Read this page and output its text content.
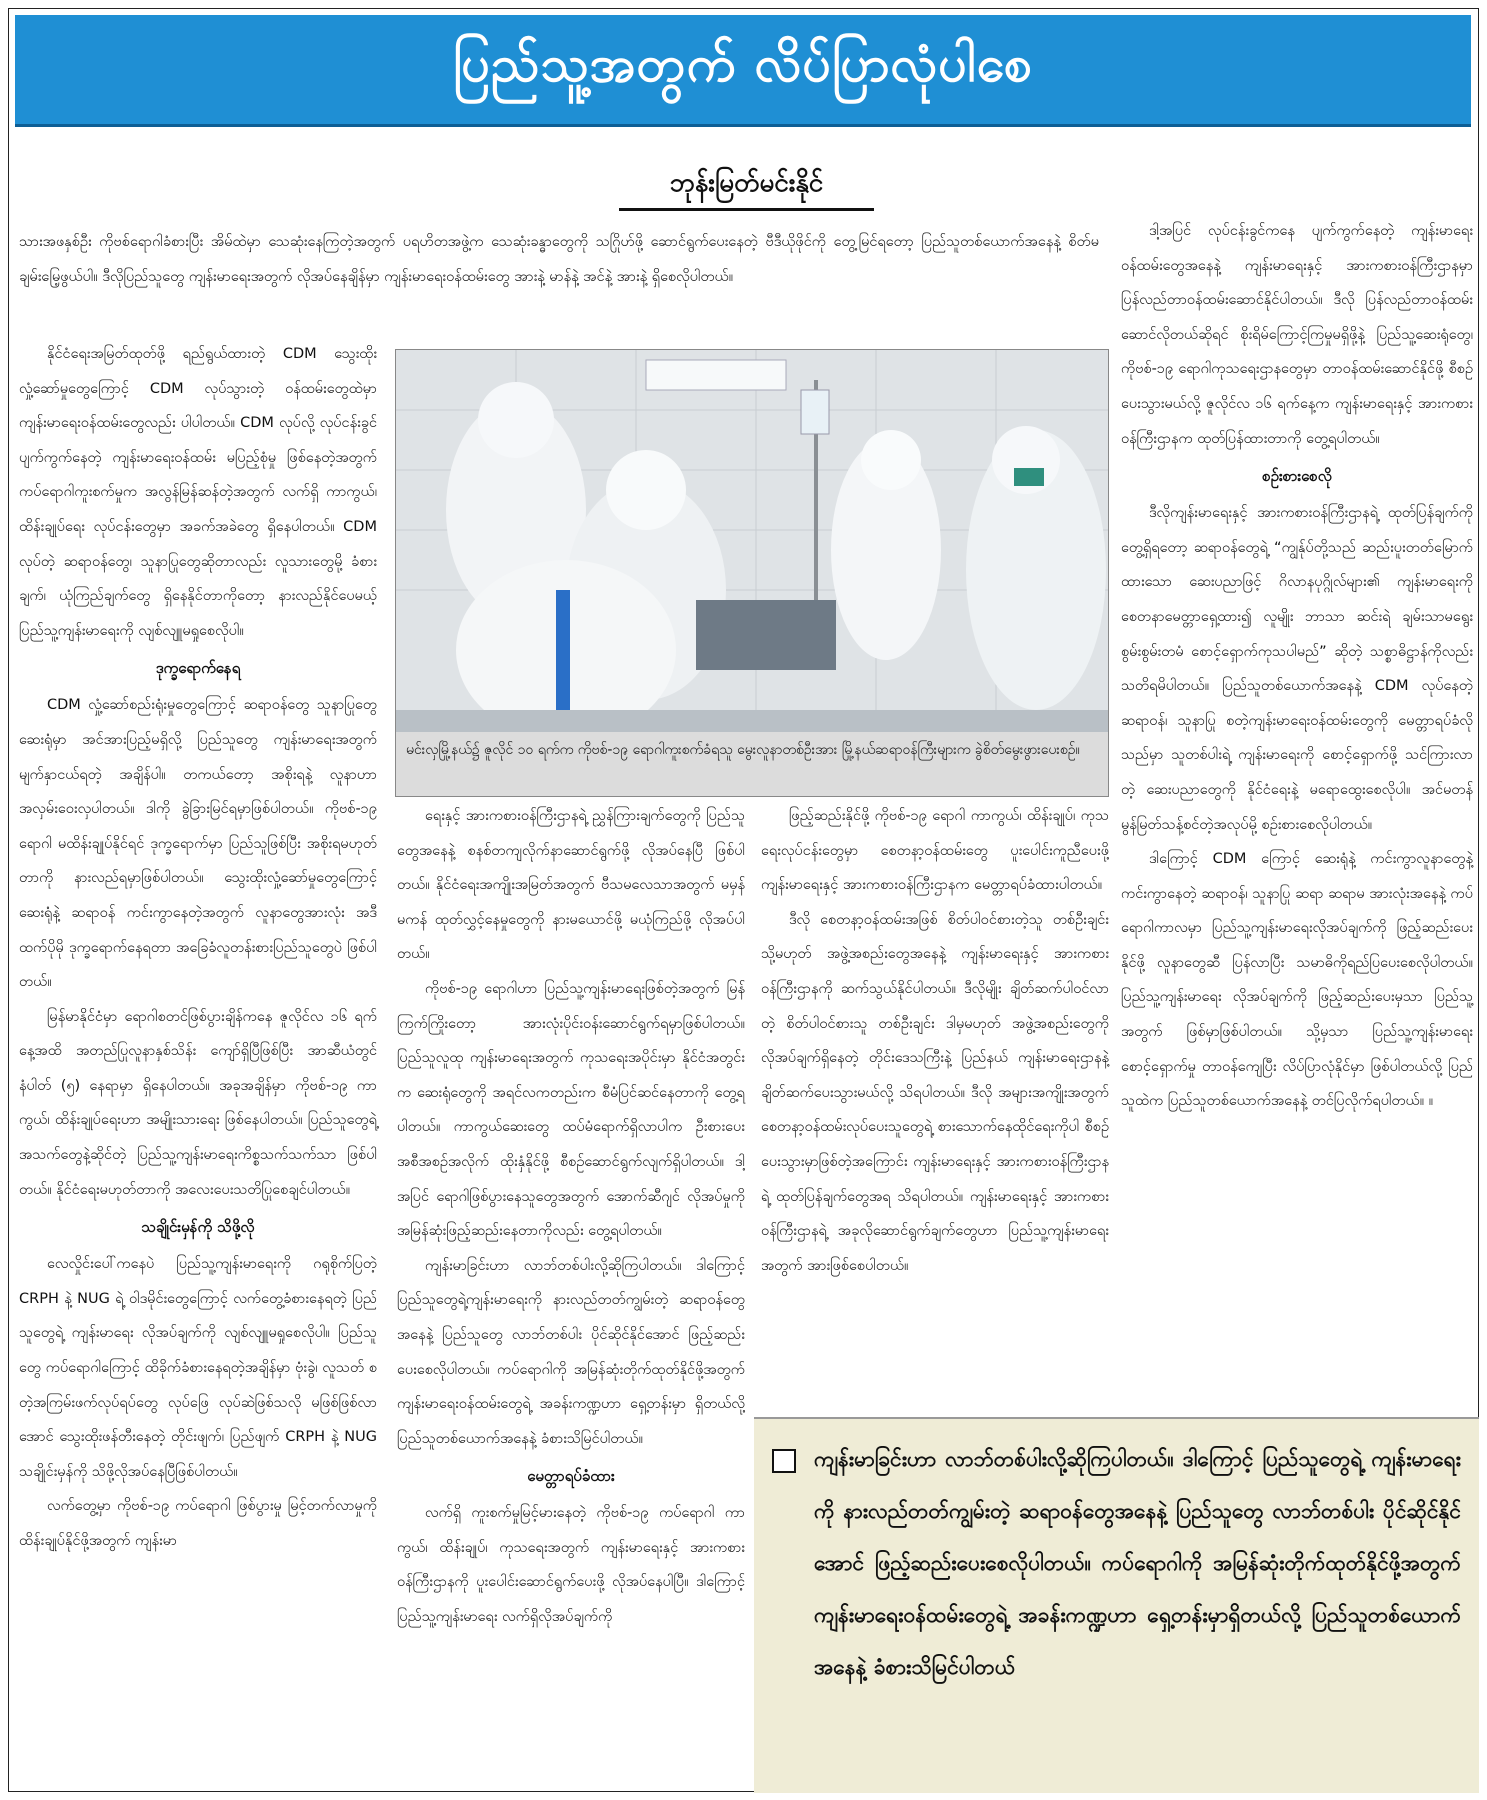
ပြည်သူ့အတွက် လိပ်ပြာလုံပါစေ
ဘုန်းမြတ်မင်းနိုင်
သားအဖနှစ်ဦး ကိုဗစ်ရောဂါခံစားပြီး အိမ်ထဲမှာ သေဆုံးနေကြတဲ့အတွက် ပရဟိတအဖွဲ့က သေဆုံးခန္ဓာတွေကို သဂြိုဟ်ဖို့ ဆောင်ရွက်ပေးနေတဲ့ ဗီဒီယိုဖိုင်ကို တွေ့မြင်ရတော့ ပြည်သူတစ်ယောက်အနေနဲ့ စိတ်မချမ်းမြေ့ဖွယ်ပါ။ ဒီလိုပြည်သူတွေ ကျန်းမာရေးအတွက် လိုအပ်နေချိန်မှာ ကျန်းမာရေးဝန်ထမ်းတွေ အားနဲ့ မာန်နဲ့ အင်နဲ့ အားနဲ့ ရှိစေလိုပါတယ်။

နိုင်ငံရေးအမြတ်ထုတ်ဖို့ ရည်ရွယ်ထားတဲ့ CDM သွေးထိုးလှုံ့ဆော်မှုတွေကြောင့် CDM လုပ်သွားတဲ့ ဝန်ထမ်းတွေထဲမှာ ကျန်းမာရေးဝန်ထမ်းတွေလည်း ပါပါတယ်။ CDM လုပ်လို့ လုပ်ငန်းခွင် ပျက်ကွက်နေတဲ့ ကျန်းမာရေးဝန်ထမ်း မပြည့်စုံမှု ဖြစ်နေတဲ့အတွက် ကပ်ရောဂါကူးစက်မှုက အလွန်မြန်ဆန်တဲ့အတွက် လက်ရှိ ကာကွယ်၊ ထိန်းချုပ်ရေး လုပ်ငန်းတွေမှာ အခက်အခဲတွေ ရှိနေပါတယ်။ CDM လုပ်တဲ့ ဆရာဝန်တွေ၊ သူနာပြုတွေဆိုတာလည်း လူသားတွေမို့ ခံစားချက်၊ ယုံကြည်ချက်တွေ ရှိနေနိုင်တာကိုတော့ နားလည်နိုင်ပေမယ့် ပြည်သူ့ကျန်းမာရေးကို လျစ်လျူမရှုစေလိုပါ။

ဒုက္ခရောက်နေရ

CDM လှုံ့ဆော်စည်းရုံးမှုတွေကြောင့် ဆရာဝန်တွေ သူနာပြုတွေ ဆေးရုံမှာ အင်အားပြည့်မရှိလို့ ပြည်သူတွေ ကျန်းမာရေးအတွက် မျက်နှာငယ်ရတဲ့ အချိန်ပါ။ တကယ်တော့ အစိုးရနဲ့ လူနာဟာ အလှမ်းဝေးလှပါတယ်။ ဒါကို ခွဲခြားမြင်ရမှာဖြစ်ပါတယ်။ ကိုဗစ်-၁၉ ရောဂါ မထိန်းချုပ်နိုင်ရင် ဒုက္ခရောက်မှာ ပြည်သူဖြစ်ပြီး အစိုးရမဟုတ်တာကို နားလည်ရမှာဖြစ်ပါတယ်။ သွေးထိုးလှုံ့ဆော်မှုတွေကြောင့် ဆေးရုံနဲ့ ဆရာဝန် ကင်းကွာနေတဲ့အတွက် လူနာတွေအားလုံး အဒီထက်ပိုမို ဒုက္ခရောက်နေရတာ အခြေခံလူတန်းစားပြည်သူတွေပဲ ဖြစ်ပါတယ်။

မြန်မာနိုင်ငံမှာ ရောဂါစတင်ဖြစ်ပွားချိန်ကနေ ဇူလိုင်လ ၁၆ ရက်နေ့အထိ အတည်ပြုလူနာနှစ်သိန်း ကျော်ရှိပြီဖြစ်ပြီး အာဆီယံတွင် နံပါတ် (၅) နေရာမှာ ရှိနေပါတယ်။ အခုအချိန်မှာ ကိုဗစ်-၁၉ ကာကွယ်၊ ထိန်းချုပ်ရေးဟာ အမျိုးသားရေး ဖြစ်နေပါတယ်။ ပြည်သူတွေရဲ့ အသက်တွေနဲ့ဆိုင်တဲ့ ပြည်သူ့ကျန်းမာရေးကိစ္စသက်သက်သာ ဖြစ်ပါတယ်။ နိုင်ငံရေးမဟုတ်တာကို အလေးပေးသတိပြုစေချင်ပါတယ်။

သချိုင်းမှန်ကို သိဖို့လို

လေလှိုင်းပေါ်ကနေပဲ ပြည်သူ့ကျန်းမာရေးကို ဂရုစိုက်ပြတဲ့ CRPH နဲ့ NUG ရဲ့ ဝါဒမိုင်းတွေကြောင့် လက်တွေ့ခံစားနေရတဲ့ ပြည်သူတွေရဲ့ ကျန်းမာရေး လိုအပ်ချက်ကို လျစ်လျူမရှုစေလိုပါ။ ပြည်သူတွေ ကပ်ရောဂါကြောင့် ထိခိုက်ခံစားနေရတဲ့အချိန်မှာ ဗုံးခွဲ၊ လူသတ် စတဲ့အကြမ်းဖက်လုပ်ရပ်တွေ လုပ်ဖြေ လုပ်ဆဲဖြစ်သလို မဖြစ်ဖြစ်လာအောင် သွေးထိုးဖန်တီးနေတဲ့ တိုင်းဖျက်၊ ပြည်ဖျက် CRPH နဲ့ NUG သချိုင်းမှန်ကို သိဖို့လိုအပ်နေပြီဖြစ်ပါတယ်။

လက်တွေ့မှာ ကိုဗစ်-၁၉ ကပ်ရောဂါ ဖြစ်ပွားမှု မြင့်တက်လာမှုကို ထိန်းချုပ်နိုင်ဖို့အတွက် ကျန်းမာ

မင်းလှမြို့နယ်၌ ဇူလိုင် ၁၀ ရက်က ကိုဗစ်-၁၉ ရောဂါကူးစက်ခံရသူ မွေးလူနာတစ်ဦးအား မြို့နယ်ဆရာဝန်ကြီးများက ခွဲစိတ်မွေးဖွားပေးစဉ်။

ရေးနှင့် အားကစားဝန်ကြီးဌာနရဲ့ ညွှန်ကြားချက်တွေကို ပြည်သူတွေအနေနဲ့ စနစ်တကျလိုက်နာဆောင်ရွက်ဖို့ လိုအပ်နေပြီ ဖြစ်ပါတယ်။ နိုင်ငံရေးအကျိုးအမြတ်အတွက် ဗီသမလေသာအတွက် မမှန်မကန် ထုတ်လွှင့်နေမှုတွေကို နားမယောင်ဖို့ မယုံကြည်ဖို့ လိုအပ်ပါတယ်။

ကိုဗစ်-၁၉ ရောဂါဟာ ပြည်သူ့ကျန်းမာရေးဖြစ်တဲ့အတွက် မြန်ကြက်ကြိုးတော့ အားလုံးပိုင်းဝန်းဆောင်ရွက်ရမှာဖြစ်ပါတယ်။ ပြည်သူလူထု ကျန်းမာရေးအတွက် ကုသရေးအပိုင်းမှာ နိုင်ငံအတွင်းက ဆေးရုံတွေကို အရင်လကတည်းက စီမံပြင်ဆင်နေတာကို တွေ့ရပါတယ်။ ကာကွယ်ဆေးတွေ ထပ်မံရောက်ရှိလာပါက ဦးစားပေးအစီအစဉ်အလိုက် ထိုးနှံနိုင်ဖို့ စီစဉ်ဆောင်ရွက်လျက်ရှိပါတယ်။ ဒါ့အပြင် ရောဂါဖြစ်ပွားနေသူတွေအတွက် အောက်ဆီဂျင် လိုအပ်မှုကို အမြန်ဆုံးဖြည့်ဆည်းနေတာကိုလည်း တွေ့ရပါတယ်။

ကျန်းမာခြင်းဟာ လာဘ်တစ်ပါးလို့ဆိုကြပါတယ်။ ဒါကြောင့် ပြည်သူတွေရဲ့ကျန်းမာရေးကို နားလည်တတ်ကျွမ်းတဲ့ ဆရာဝန်တွေအနေနဲ့ ပြည်သူတွေ လာဘ်တစ်ပါး ပိုင်ဆိုင်နိုင်အောင် ဖြည့်ဆည်းပေးစေလိုပါတယ်။ ကပ်ရောဂါကို အမြန်ဆုံးတိုက်ထုတ်နိုင်ဖို့အတွက် ကျန်းမာရေးဝန်ထမ်းတွေရဲ့ အခန်းကဏ္ဍဟာ ရှေ့တန်းမှာ ရှိတယ်လို့ ပြည်သူတစ်ယောက်အနေနဲ့ ခံစားသိမြင်ပါတယ်။

မေတ္တာရပ်ခံထား

လက်ရှိ ကူးစက်မှုမြင့်မားနေတဲ့ ကိုဗစ်-၁၉ ကပ်ရောဂါ ကာကွယ်၊ ထိန်းချုပ်၊ ကုသရေးအတွက် ကျန်းမာရေးနှင့် အားကစားဝန်ကြီးဌာနကို ပူးပေါင်းဆောင်ရွက်ပေးဖို့ လိုအပ်နေပါပြီ။ ဒါကြောင့် ပြည်သူ့ကျန်းမာရေး လက်ရှိလိုအပ်ချက်ကို

ဖြည့်ဆည်းနိုင်ဖို့ ကိုဗစ်-၁၉ ရောဂါ ကာကွယ်၊ ထိန်းချုပ်၊ ကုသရေးလုပ်ငန်းတွေမှာ စေတနာ့ဝန်ထမ်းတွေ ပူးပေါင်းကူညီပေးဖို့ ကျန်းမာရေးနှင့် အားကစားဝန်ကြီးဌာနက မေတ္တာရပ်ခံထားပါတယ်။

ဒီလို စေတနာ့ဝန်ထမ်းအဖြစ် စိတ်ပါဝင်စားတဲ့သူ တစ်ဦးချင်း သို့မဟုတ် အဖွဲ့အစည်းတွေအနေနဲ့ ကျန်းမာရေးနှင့် အားကစားဝန်ကြီးဌာနကို ဆက်သွယ်နိုင်ပါတယ်။ ဒီလိုမျိုး ချိတ်ဆက်ပါဝင်လာတဲ့ စိတ်ပါဝင်စားသူ တစ်ဦးချင်း ဒါမှမဟုတ် အဖွဲ့အစည်းတွေကို လိုအပ်ချက်ရှိနေတဲ့ တိုင်းဒေသကြီးနဲ့ ပြည်နယ် ကျန်းမာရေးဌာနနဲ့ ချိတ်ဆက်ပေးသွားမယ်လို့ သိရပါတယ်။ ဒီလို အများအကျိုးအတွက် စေတနာ့ဝန်ထမ်းလုပ်ပေးသူတွေရဲ့ စားသောက်နေထိုင်ရေးကိုပါ စီစဉ်ပေးသွားမှာဖြစ်တဲ့အကြောင်း ကျန်းမာရေးနှင့် အားကစားဝန်ကြီးဌာနရဲ့ ထုတ်ပြန်ချက်တွေအရ သိရပါတယ်။ ကျန်းမာရေးနှင့် အားကစားဝန်ကြီးဌာနရဲ့ အခုလိုဆောင်ရွက်ချက်တွေဟာ ပြည်သူ့ကျန်းမာရေးအတွက် အားဖြစ်စေပါတယ်။

ဒါ့အပြင် လုပ်ငန်းခွင်ကနေ ပျက်ကွက်နေတဲ့ ကျန်းမာရေးဝန်ထမ်းတွေအနေနဲ့ ကျန်းမာရေးနှင့် အားကစားဝန်ကြီးဌာနမှာ ပြန်လည်တာဝန်ထမ်းဆောင်နိုင်ပါတယ်။ ဒီလို ပြန်လည်တာဝန်ထမ်းဆောင်လိုတယ်ဆိုရင် စိုးရိမ်ကြောင့်ကြမှုမရှိဖို့နဲ့ ပြည်သူ့ဆေးရုံတွေ၊ ကိုဗစ်-၁၉ ရောဂါကုသရေးဌာနတွေမှာ တာဝန်ထမ်းဆောင်နိုင်ဖို့ စီစဉ်ပေးသွားမယ်လို့ ဇူလိုင်လ ၁၆ ရက်နေ့က ကျန်းမာရေးနှင့် အားကစားဝန်ကြီးဌာနက ထုတ်ပြန်ထားတာကို တွေ့ရပါတယ်။

စဉ်းစားစေလို

ဒီလိုကျန်းမာရေးနှင့် အားကစားဝန်ကြီးဌာနရဲ့ ထုတ်ပြန်ချက်ကို တွေ့ရှိရတော့ ဆရာဝန်တွေရဲ့ “ကျွန်ုပ်တို့သည် ဆည်းပူးတတ်မြောက်ထားသော ဆေးပညာဖြင့် ဂိလာနပုဂ္ဂိုလ်များ၏ ကျန်းမာရေးကို စေတနာမေတ္တာရှေ့ထား၍ လူမျိုး ဘာသာ ဆင်းရဲ ချမ်းသာမရွေး စွမ်းစွမ်းတမံ စောင့်ရှောက်ကုသပါမည်” ဆိုတဲ့ သစ္စာဓိဋ္ဌာန်ကိုလည်း သတိရမိပါတယ်။ ပြည်သူတစ်ယောက်အနေနဲ့ CDM လုပ်နေတဲ့ ဆရာဝန်၊ သူနာပြု စတဲ့ကျန်းမာရေးဝန်ထမ်းတွေကို မေတ္တာရပ်ခံလိုသည်မှာ သူတစ်ပါးရဲ့ ကျန်းမာရေးကို စောင့်ရှောက်ဖို့ သင်ကြားလာတဲ့ ဆေးပညာတွေကို နိုင်ငံရေးနဲ့ မရောထွေးစေလိုပါ။ အင်မတန် မွန်မြတ်သန့်စင်တဲ့အလုပ်မို့ စဉ်းစားစေလိုပါတယ်။

ဒါကြောင့် CDM ကြောင့် ဆေးရုံနဲ့ ကင်းကွာလူနာတွေနဲ့ ကင်းကွာနေတဲ့ ဆရာဝန်၊ သူနာပြု ဆရာ ဆရာမ အားလုံးအနေနဲ့ ကပ်ရောဂါကာလမှာ ပြည်သူ့ကျန်းမာရေးလိုအပ်ချက်ကို ဖြည့်ဆည်းပေးနိုင်ဖို့ လူနာတွေဆီ ပြန်လာပြီး သမာဓိကိုရည်ပြပေးစေလိုပါတယ်။ ပြည်သူ့ကျန်းမာရေး လိုအပ်ချက်ကို ဖြည့်ဆည်းပေးမှသာ ပြည်သူ့အတွက် ဖြစ်မှာဖြစ်ပါတယ်။ သို့မှသာ ပြည်သူ့ကျန်းမာရေးစောင့်ရှောက်မှု တာဝန်ကျေပြီး လိပ်ပြာလုံနိုင်မှာ ဖြစ်ပါတယ်လို့ ပြည်သူထဲက ပြည်သူတစ်ယောက်အနေနဲ့ တင်ပြလိုက်ရပါတယ်။ ။

ကျန်းမာခြင်းဟာ လာဘ်တစ်ပါးလို့ဆိုကြပါတယ်။ ဒါကြောင့် ပြည်သူတွေရဲ့ ကျန်းမာရေးကို နားလည်တတ်ကျွမ်းတဲ့ ဆရာဝန်တွေအနေနဲ့ ပြည်သူတွေ လာဘ်တစ်ပါး ပိုင်ဆိုင်နိုင်အောင် ဖြည့်ဆည်းပေးစေလိုပါတယ်။ ကပ်ရောဂါကို အမြန်ဆုံးတိုက်ထုတ်နိုင်ဖို့အတွက် ကျန်းမာရေးဝန်ထမ်းတွေရဲ့ အခန်းကဏ္ဍဟာ ရှေ့တန်းမှာရှိတယ်လို့ ပြည်သူတစ်ယောက်အနေနဲ့ ခံစားသိမြင်ပါတယ်
